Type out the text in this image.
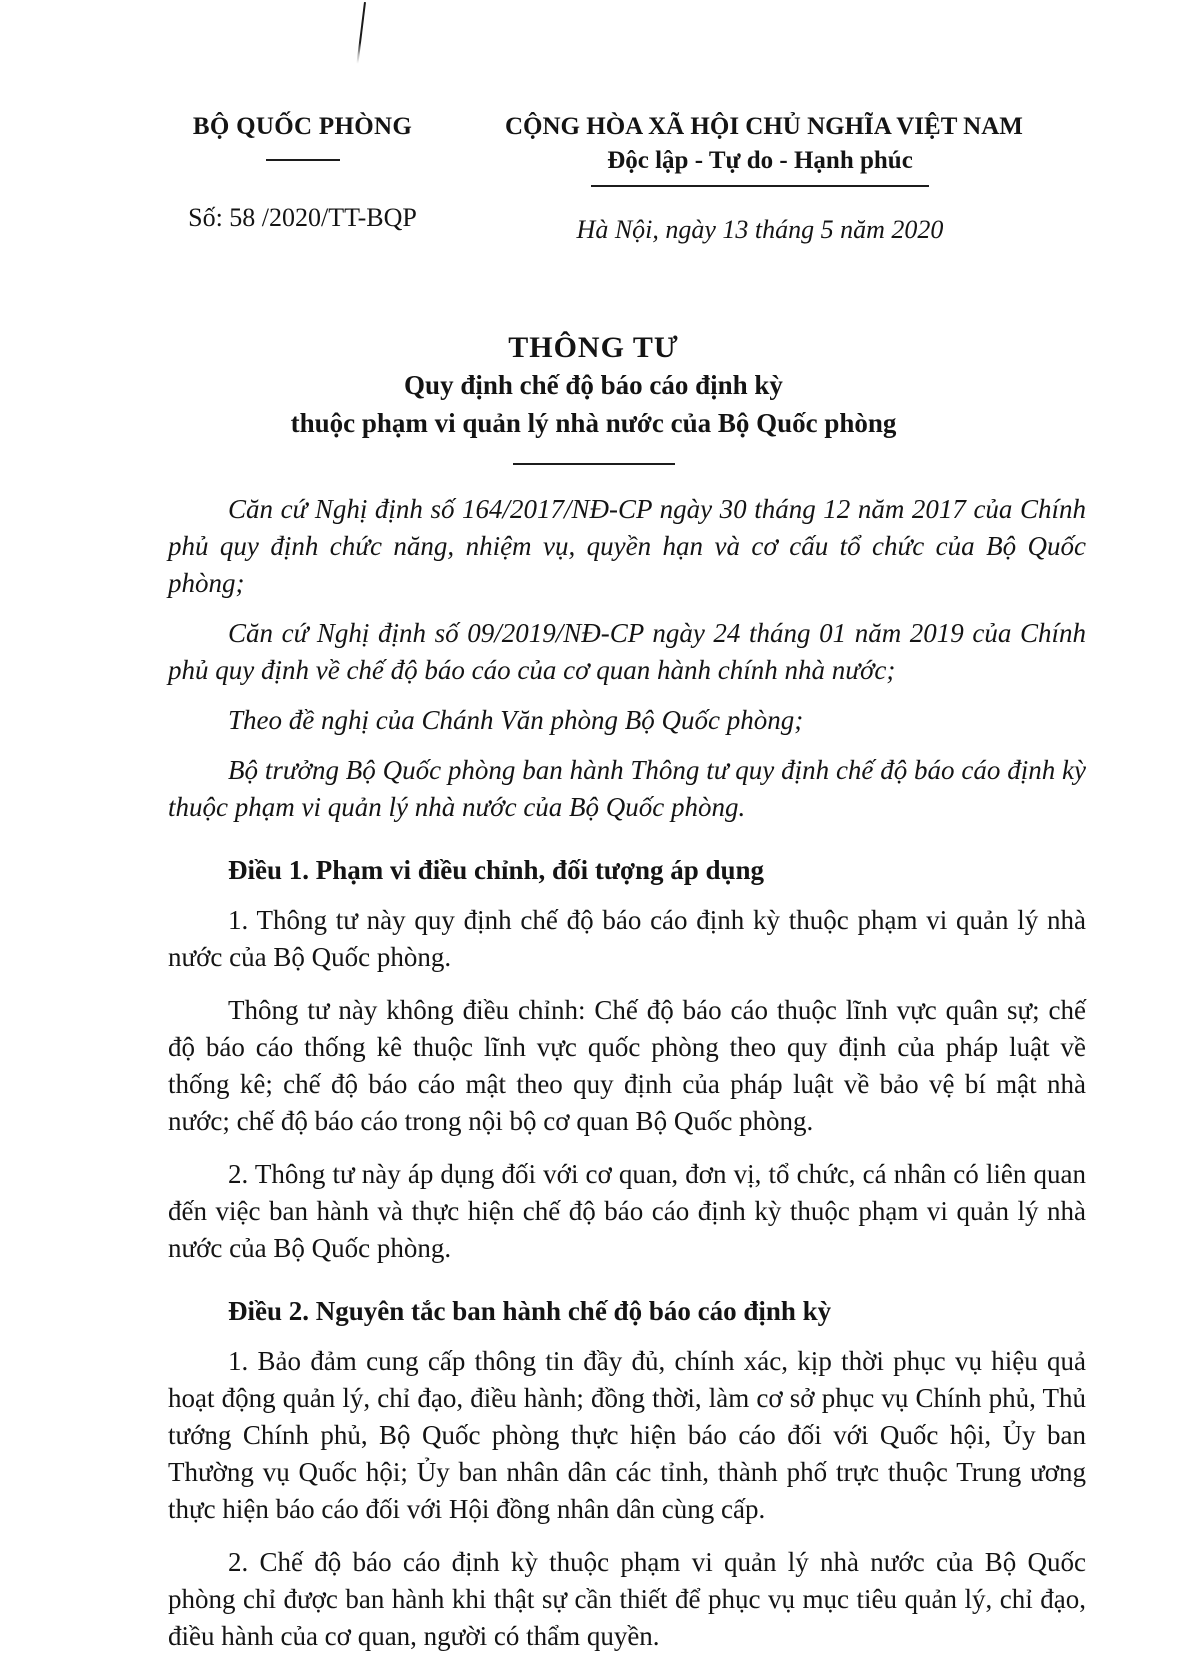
BỘ QUỐC PHÒNG
Số: 58 /2020/TT-BQP
CỘNG HÒA XÃ HỘI CHỦ NGHĨA VIỆT NAM
Độc lập - Tự do - Hạnh phúc
Hà Nội, ngày 13 tháng 5 năm 2020
THÔNG TƯ
Quy định chế độ báo cáo định kỳ
thuộc phạm vi quản lý nhà nước của Bộ Quốc phòng

Căn cứ Nghị định số 164/2017/NĐ-CP ngày 30 tháng 12 năm 2017 của Chính phủ quy định chức năng, nhiệm vụ, quyền hạn và cơ cấu tổ chức của Bộ Quốc phòng;

Căn cứ Nghị định số 09/2019/NĐ-CP ngày 24 tháng 01 năm 2019 của Chính phủ quy định về chế độ báo cáo của cơ quan hành chính nhà nước;

Theo đề nghị của Chánh Văn phòng Bộ Quốc phòng;

Bộ trưởng Bộ Quốc phòng ban hành Thông tư quy định chế độ báo cáo định kỳ thuộc phạm vi quản lý nhà nước của Bộ Quốc phòng.

Điều 1. Phạm vi điều chỉnh, đối tượng áp dụng

1. Thông tư này quy định chế độ báo cáo định kỳ thuộc phạm vi quản lý nhà nước của Bộ Quốc phòng.

Thông tư này không điều chỉnh: Chế độ báo cáo thuộc lĩnh vực quân sự; chế độ báo cáo thống kê thuộc lĩnh vực quốc phòng theo quy định của pháp luật về thống kê; chế độ báo cáo mật theo quy định của pháp luật về bảo vệ bí mật nhà nước; chế độ báo cáo trong nội bộ cơ quan Bộ Quốc phòng.

2. Thông tư này áp dụng đối với cơ quan, đơn vị, tổ chức, cá nhân có liên quan đến việc ban hành và thực hiện chế độ báo cáo định kỳ thuộc phạm vi quản lý nhà nước của Bộ Quốc phòng.

Điều 2. Nguyên tắc ban hành chế độ báo cáo định kỳ

1. Bảo đảm cung cấp thông tin đầy đủ, chính xác, kịp thời phục vụ hiệu quả hoạt động quản lý, chỉ đạo, điều hành; đồng thời, làm cơ sở phục vụ Chính phủ, Thủ tướng Chính phủ, Bộ Quốc phòng thực hiện báo cáo đối với Quốc hội, Ủy ban Thường vụ Quốc hội; Ủy ban nhân dân các tỉnh, thành phố trực thuộc Trung ương thực hiện báo cáo đối với Hội đồng nhân dân cùng cấp.

2. Chế độ báo cáo định kỳ thuộc phạm vi quản lý nhà nước của Bộ Quốc phòng chỉ được ban hành khi thật sự cần thiết để phục vụ mục tiêu quản lý, chỉ đạo, điều hành của cơ quan, người có thẩm quyền.
